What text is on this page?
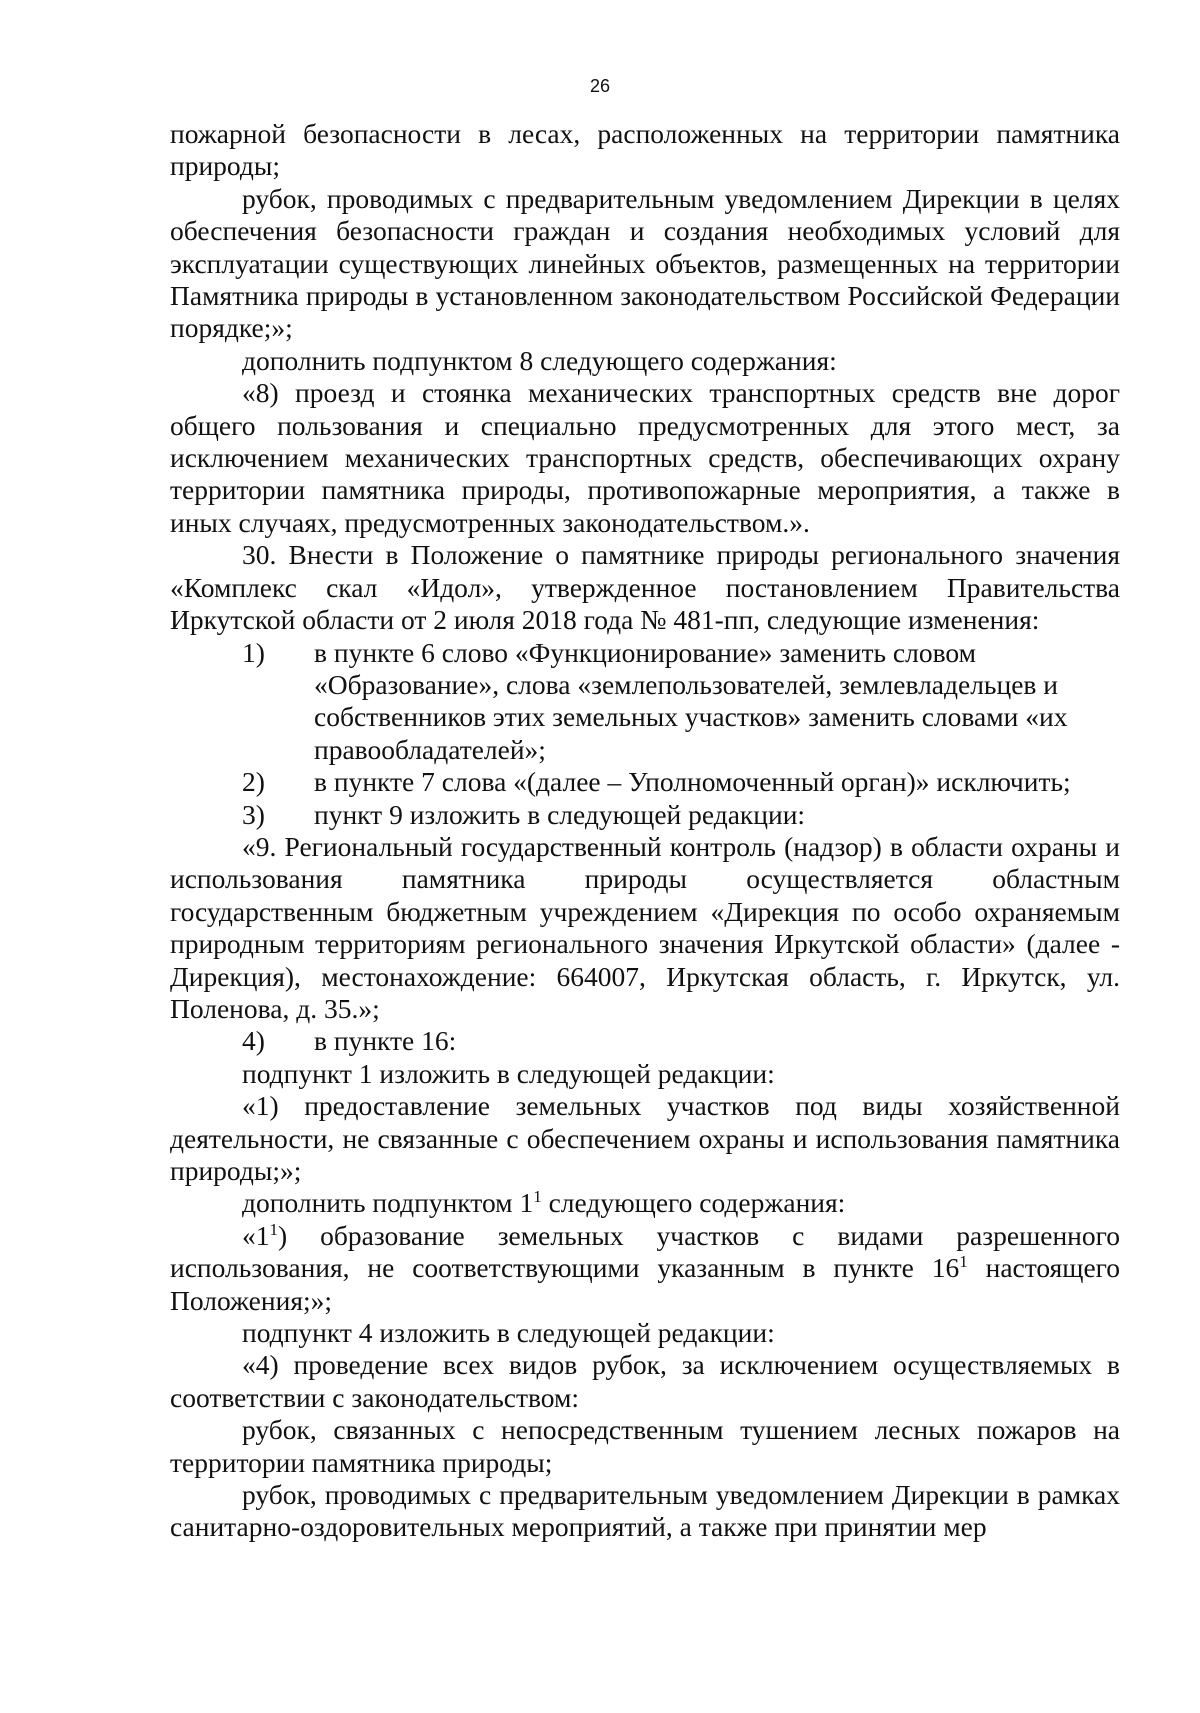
26

пожарной безопасности в лесах, расположенных на территории памятника природы;

рубок, проводимых с предварительным уведомлением Дирекции в целях обеспечения безопасности граждан и создания необходимых условий для эксплуатации существующих линейных объектов, размещенных на территории Памятника природы в установленном законодательством Российской Федерации порядке;»;

дополнить подпунктом 8 следующего содержания:

«8) проезд и стоянка механических транспортных средств вне дорог общего пользования и специально предусмотренных для этого мест, за исключением механических транспортных средств, обеспечивающих охрану территории памятника природы, противопожарные мероприятия, а также в иных случаях, предусмотренных законодательством.».

30. Внести в Положение о памятнике природы регионального значения «Комплекс скал «Идол», утвержденное постановлением Правительства Иркутской области от 2 июля 2018 года № 481-пп, следующие изменения:

1)	в пункте 6 слово «Функционирование» заменить словом «Образование», слова «землепользователей, землевладельцев и собственников этих земельных участков» заменить словами «их правообладателей»;

2)	в пункте 7 слова «(далее – Уполномоченный орган)» исключить;

3)	пункт 9 изложить в следующей редакции:

«9. Региональный государственный контроль (надзор) в области охраны и использования памятника природы осуществляется областным государственным бюджетным учреждением «Дирекция по особо охраняемым природным территориям регионального значения Иркутской области» (далее - Дирекция), местонахождение: 664007, Иркутская область, г. Иркутск, ул. Поленова, д. 35.»;

4)	в пункте 16:

подпункт 1 изложить в следующей редакции:

«1) предоставление земельных участков под виды хозяйственной деятельности, не связанные с обеспечением охраны и использования памятника природы;»;

дополнить подпунктом $1^1$ следующего содержания:

«$1^1$) образование земельных участков с видами разрешенного использования, не соответствующими указанным в пункте $16^1$ настоящего Положения;»;

подпункт 4 изложить в следующей редакции:

«4) проведение всех видов рубок, за исключением осуществляемых в соответствии с законодательством:

рубок, связанных с непосредственным тушением лесных пожаров на территории памятника природы;

рубок, проводимых с предварительным уведомлением Дирекции в рамках санитарно-оздоровительных мероприятий, а также при принятии мер
